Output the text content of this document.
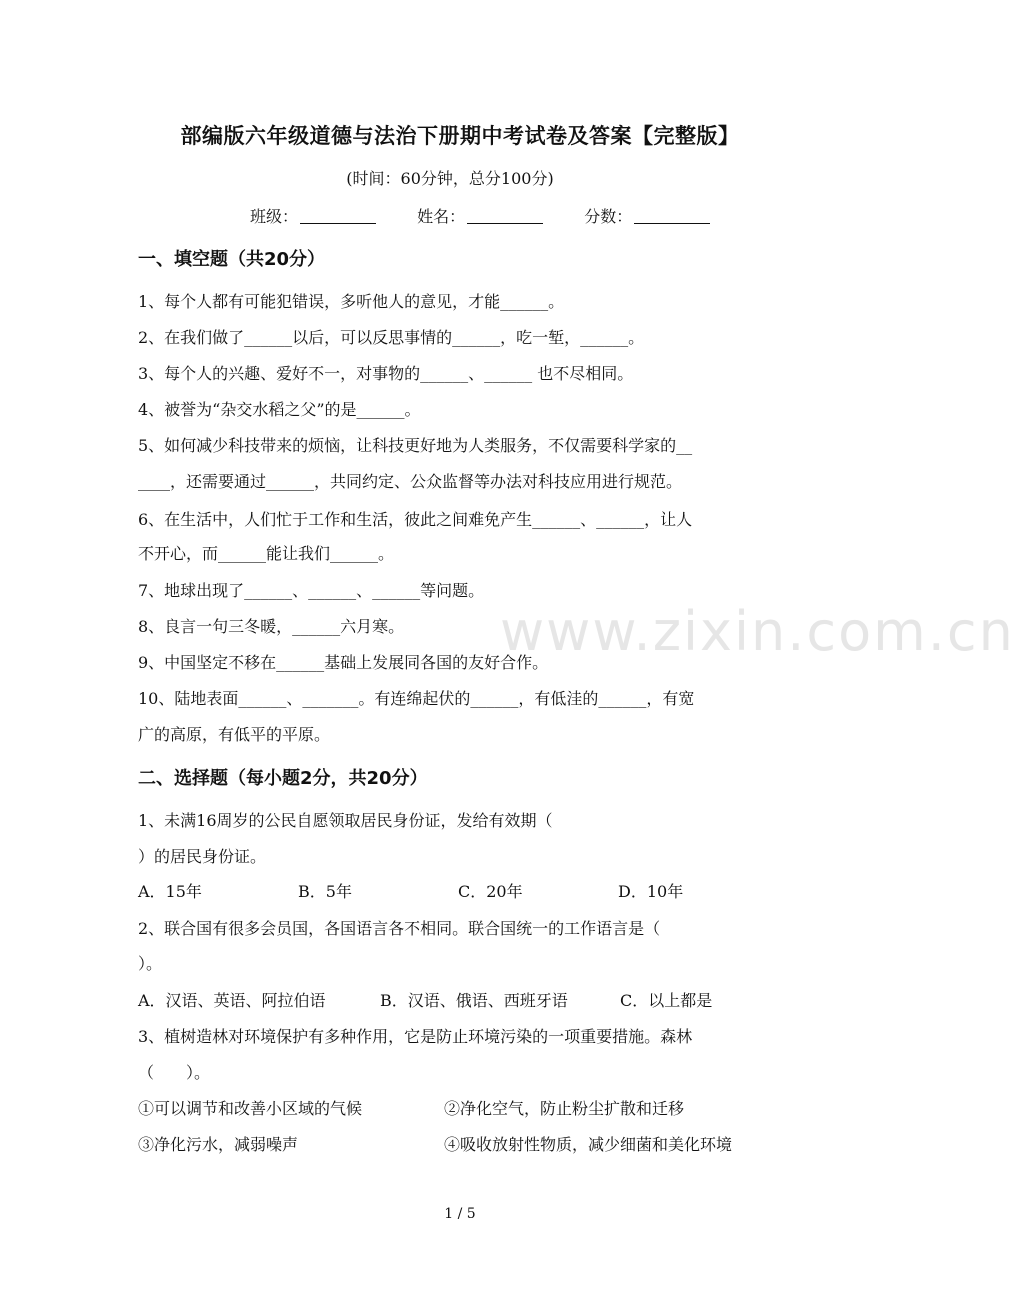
www.zixin.com.cn
部编版六年级道德与法治下册期中考试卷及答案【完整版】
(时间：60分钟，总分100分)
班级：	姓名：	分数：
一、填空题（共20分）
1、每个人都有可能犯错误，多听他人的意见，才能______。
2、在我们做了______以后，可以反思事情的______，吃一堑，______。
3、每个人的兴趣、爱好不一，对事物的______、______ 也不尽相同。
4、被誉为“杂交水稻之父”的是______。
5、如何减少科技带来的烦恼，让科技更好地为人类服务，不仅需要科学家的__
____，还需要通过______，共同约定、公众监督等办法对科技应用进行规范。
6、在生活中，人们忙于工作和生活，彼此之间难免产生______、______，让人
不开心，而______能让我们______。
7、地球出现了______、______、______等问题。
8、良言一句三冬暖，______六月寒。
9、中国坚定不移在______基础上发展同各国的友好合作。
10、陆地表面______、_______。有连绵起伏的______，有低洼的______，有宽
广的高原，有低平的平原。
二、选择题（每小题2分，共20分）
1、未满16周岁的公民自愿领取居民身份证，发给有效期（
）的居民身份证。
A．15年	B．5年	C．20年	D．10年
2、联合国有很多会员国，各国语言各不相同。联合国统一的工作语言是（
）。
A．汉语、英语、阿拉伯语	B．汉语、俄语、西班牙语	C．以上都是
3、植树造林对环境保护有多种作用，它是防止环境污染的一项重要措施。森林
（　　）。
①可以调节和改善小区域的气候	②净化空气，防止粉尘扩散和迁移
③净化污水，减弱噪声	④吸收放射性物质，减少细菌和美化环境
1 / 5
